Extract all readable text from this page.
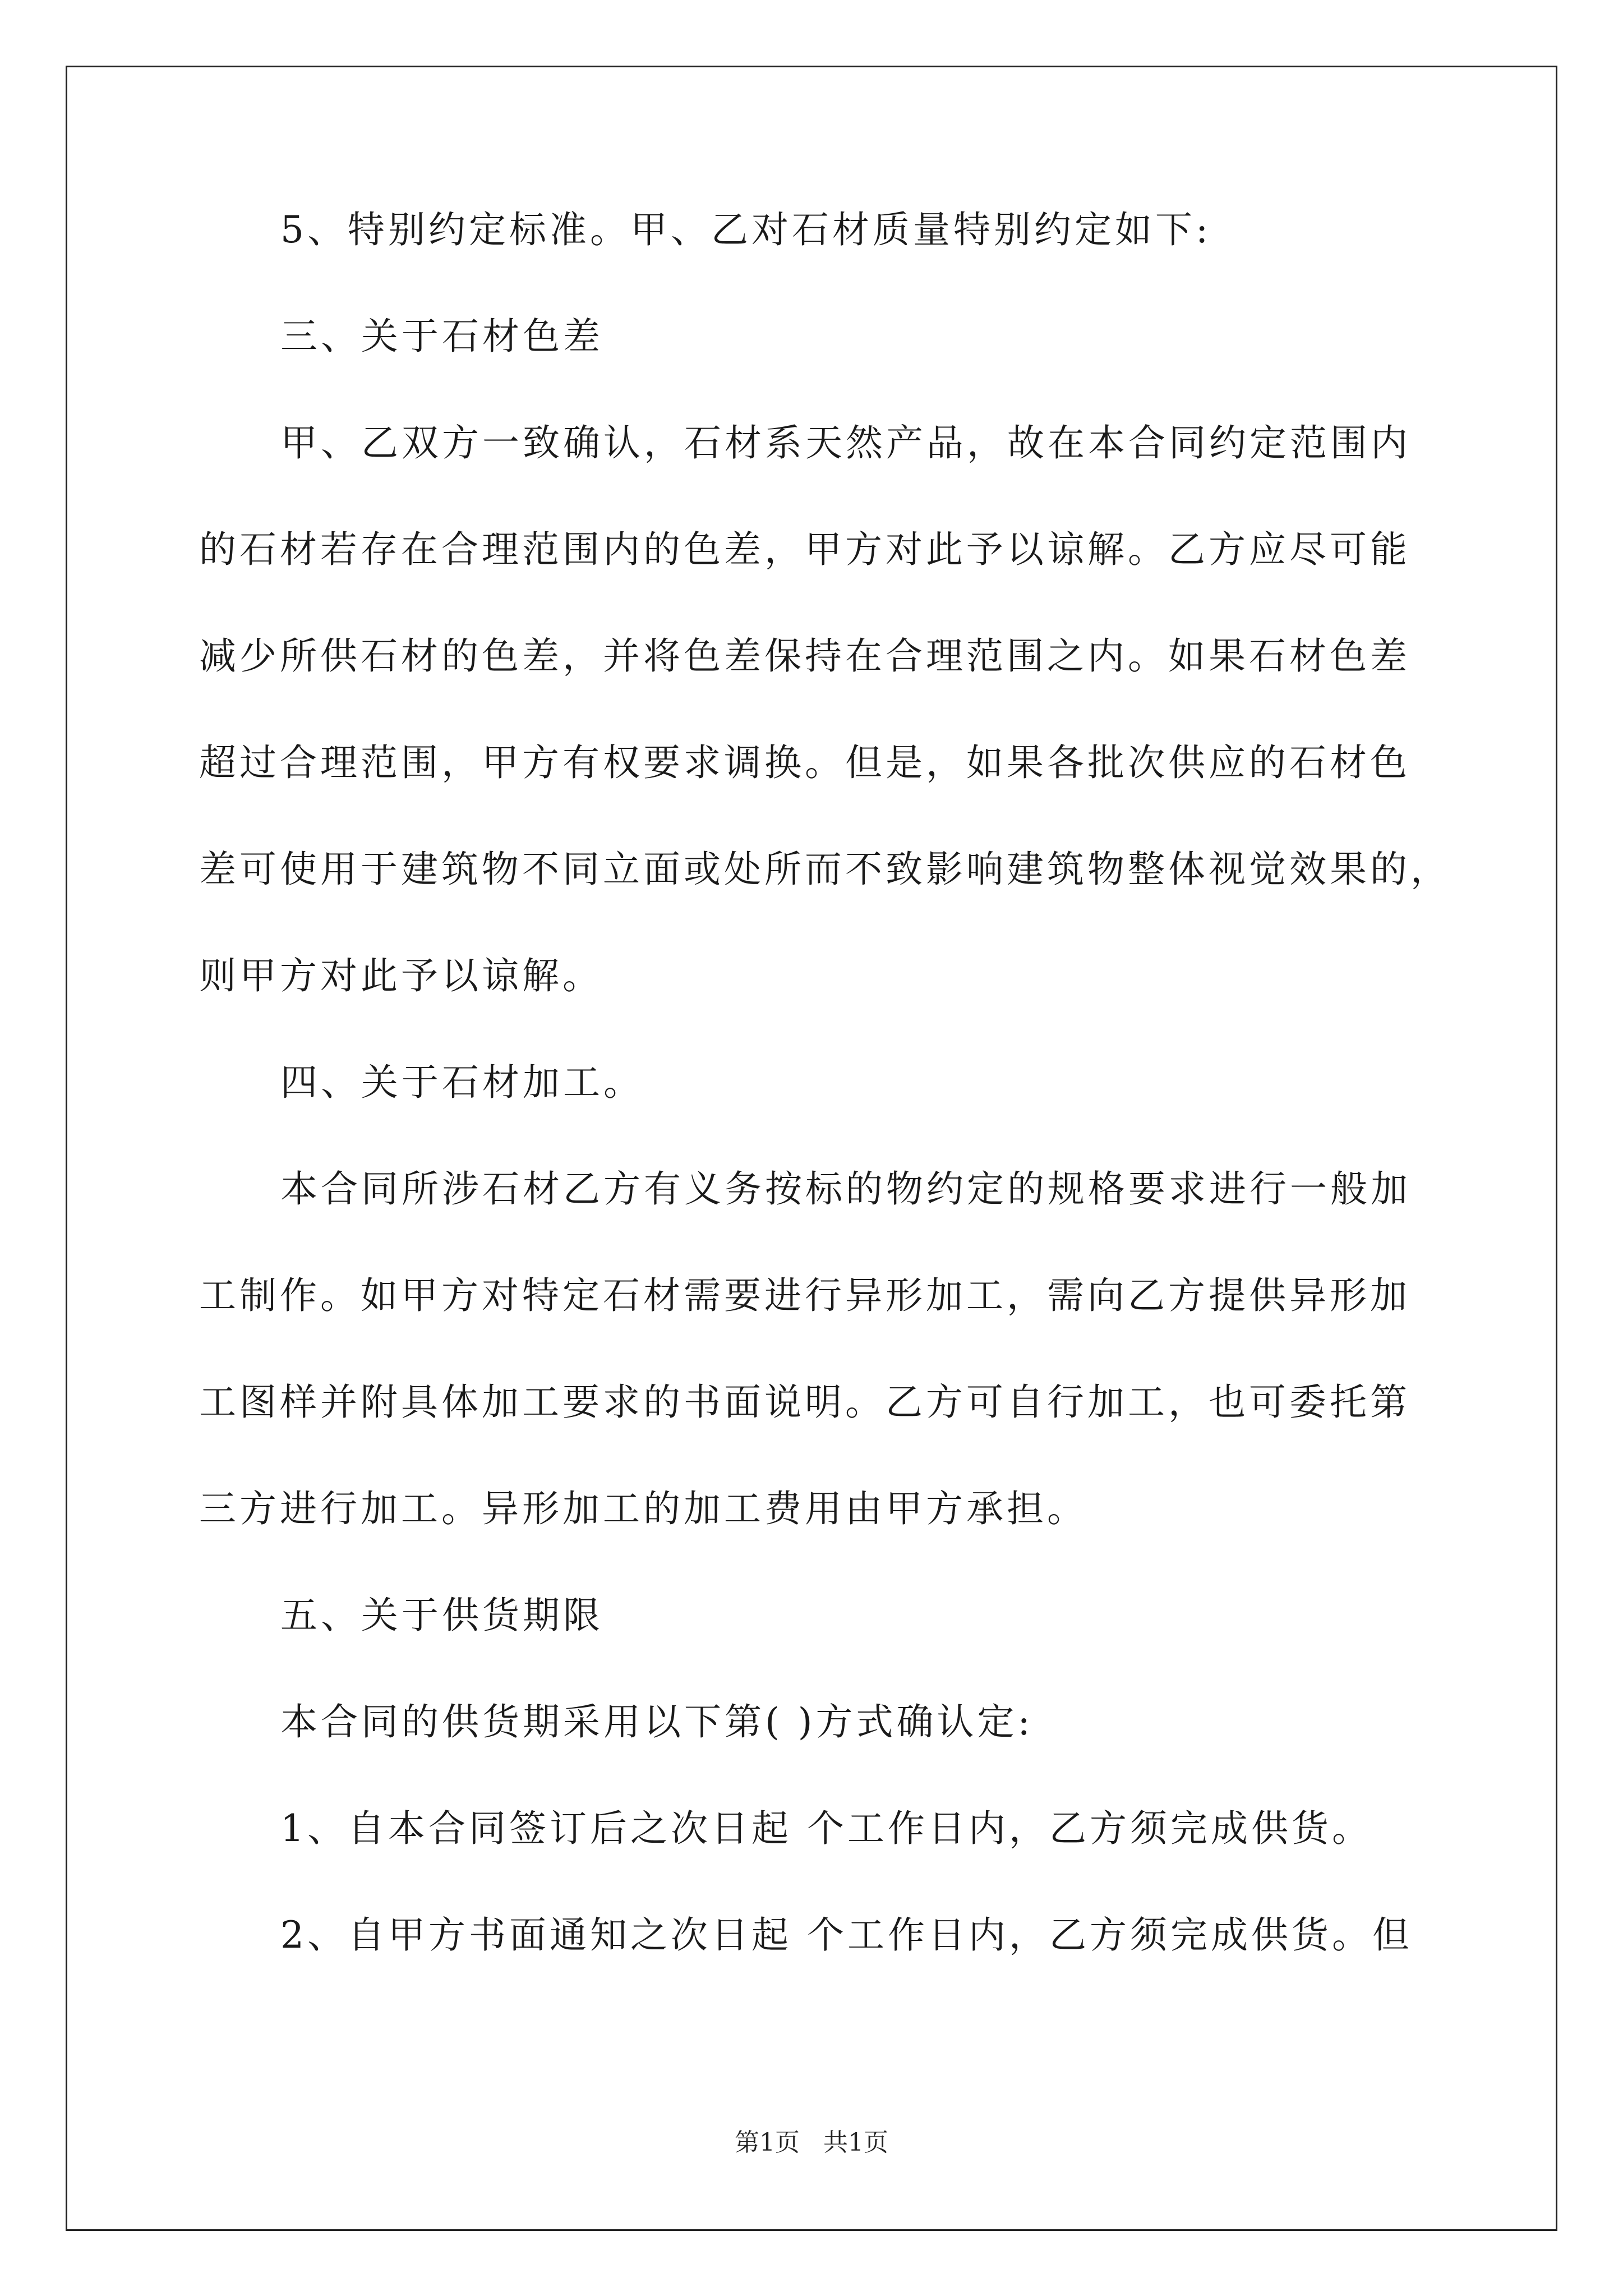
5、特别约定标准。甲、乙对石材质量特别约定如下:
三、关于石材色差
甲、乙双方一致确认，石材系天然产品，故在本合同约定范围内
的石材若存在合理范围内的色差，甲方对此予以谅解。乙方应尽可能
减少所供石材的色差，并将色差保持在合理范围之内。如果石材色差
超过合理范围，甲方有权要求调换。但是，如果各批次供应的石材色
差可使用于建筑物不同立面或处所而不致影响建筑物整体视觉效果的，
则甲方对此予以谅解。
四、关于石材加工。
本合同所涉石材乙方有义务按标的物约定的规格要求进行一般加
工制作。如甲方对特定石材需要进行异形加工，需向乙方提供异形加
工图样并附具体加工要求的书面说明。乙方可自行加工，也可委托第
三方进行加工。异形加工的加工费用由甲方承担。
五、关于供货期限
本合同的供货期采用以下第( )方式确认定:
1、自本合同签订后之次日起 个工作日内，乙方须完成供货。
2、自甲方书面通知之次日起 个工作日内，乙方须完成供货。但
第1页   共1页
